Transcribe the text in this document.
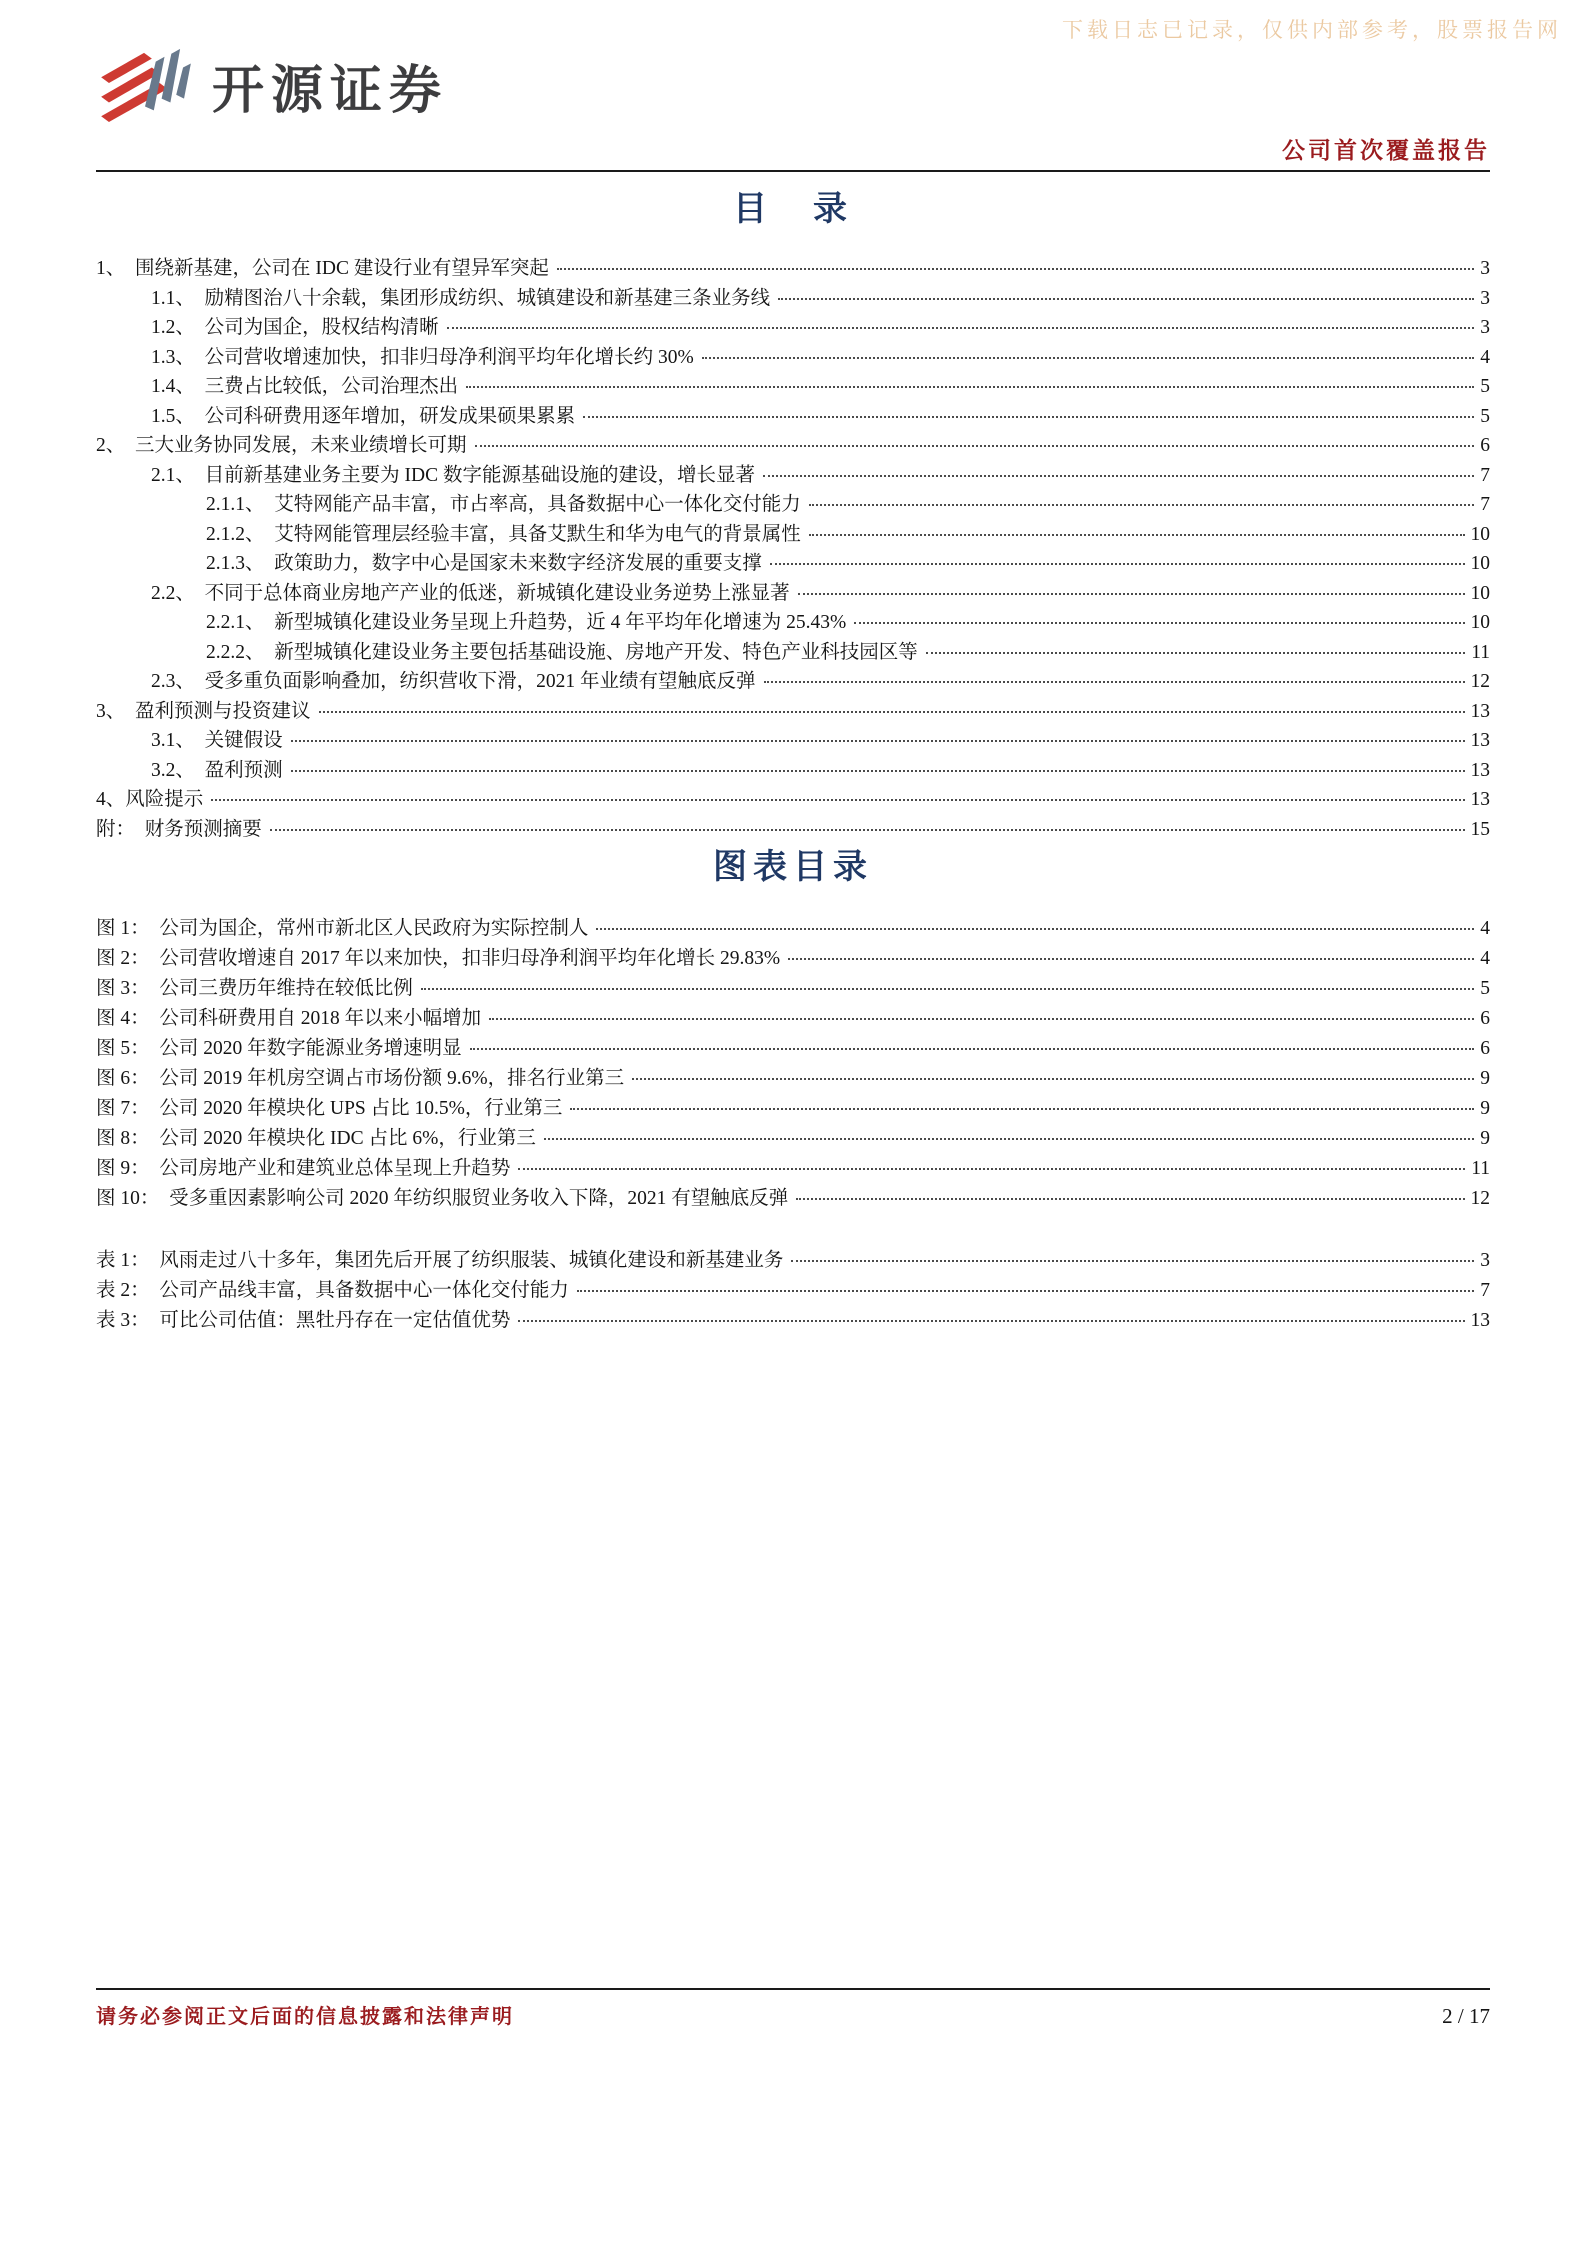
下载日志已记录，仅供内部参考，股票报告网
开源证券
公司首次覆盖报告
目　录
1、　围绕新基建，公司在 IDC 建设行业有望异军突起	3
1.1、　励精图治八十余载，集团形成纺织、城镇建设和新基建三条业务线	3
1.2、　公司为国企，股权结构清晰	3
1.3、　公司营收增速加快，扣非归母净利润平均年化增长约 30%	4
1.4、　三费占比较低，公司治理杰出	5
1.5、　公司科研费用逐年增加，研发成果硕果累累	5
2、　三大业务协同发展，未来业绩增长可期	6
2.1、　目前新基建业务主要为 IDC 数字能源基础设施的建设，增长显著	7
2.1.1、　艾特网能产品丰富，市占率高，具备数据中心一体化交付能力	7
2.1.2、　艾特网能管理层经验丰富，具备艾默生和华为电气的背景属性	10
2.1.3、　政策助力，数字中心是国家未来数字经济发展的重要支撑	10
2.2、　不同于总体商业房地产产业的低迷，新城镇化建设业务逆势上涨显著	10
2.2.1、　新型城镇化建设业务呈现上升趋势，近 4 年平均年化增速为 25.43%	10
2.2.2、　新型城镇化建设业务主要包括基础设施、房地产开发、特色产业科技园区等	11
2.3、　受多重负面影响叠加，纺织营收下滑，2021 年业绩有望触底反弹	12
3、　盈利预测与投资建议	13
3.1、　关键假设	13
3.2、　盈利预测	13
4、风险提示	13
附：　财务预测摘要	15
图表目录
图 1：　公司为国企，常州市新北区人民政府为实际控制人	4
图 2：　公司营收增速自 2017 年以来加快，扣非归母净利润平均年化增长 29.83%	4
图 3：　公司三费历年维持在较低比例	5
图 4：　公司科研费用自 2018 年以来小幅增加	6
图 5：　公司 2020 年数字能源业务增速明显	6
图 6：　公司 2019 年机房空调占市场份额 9.6%，排名行业第三	9
图 7：　公司 2020 年模块化 UPS 占比 10.5%，行业第三	9
图 8：　公司 2020 年模块化 IDC 占比 6%，行业第三	9
图 9：　公司房地产业和建筑业总体呈现上升趋势	11
图 10：　受多重因素影响公司 2020 年纺织服贸业务收入下降，2021 有望触底反弹	12
表 1：　风雨走过八十多年，集团先后开展了纺织服装、城镇化建设和新基建业务	3
表 2：　公司产品线丰富，具备数据中心一体化交付能力	7
表 3：　可比公司估值：黑牡丹存在一定估值优势	13
请务必参阅正文后面的信息披露和法律声明	2 / 17
